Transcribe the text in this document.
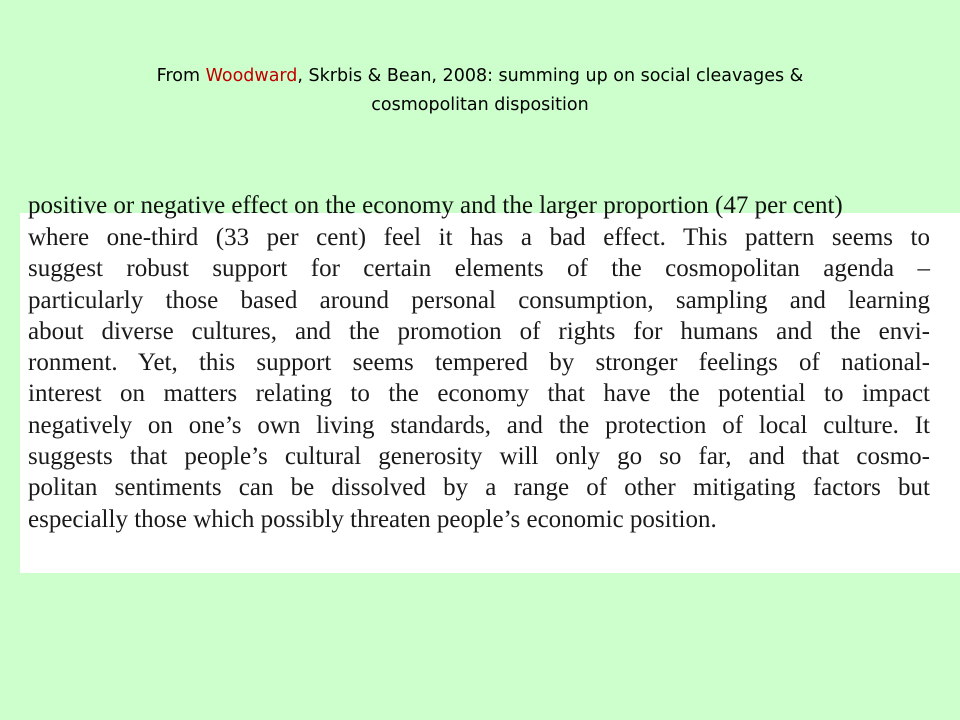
From Woodward, Skrbis & Bean, 2008: summing up on social cleavages &
cosmopolitan disposition
positive or negative effect on the economy and the larger proportion (47 per cent)
where one-third (33 per cent) feel it has a bad effect. This pattern seems to
suggest robust support for certain elements of the cosmopolitan agenda –
particularly those based around personal consumption, sampling and learning
about diverse cultures, and the promotion of rights for humans and the envi-
ronment. Yet, this support seems tempered by stronger feelings of national-
interest on matters relating to the economy that have the potential to impact
negatively on one’s own living standards, and the protection of local culture. It
suggests that people’s cultural generosity will only go so far, and that cosmo-
politan sentiments can be dissolved by a range of other mitigating factors but
especially those which possibly threaten people’s economic position.
